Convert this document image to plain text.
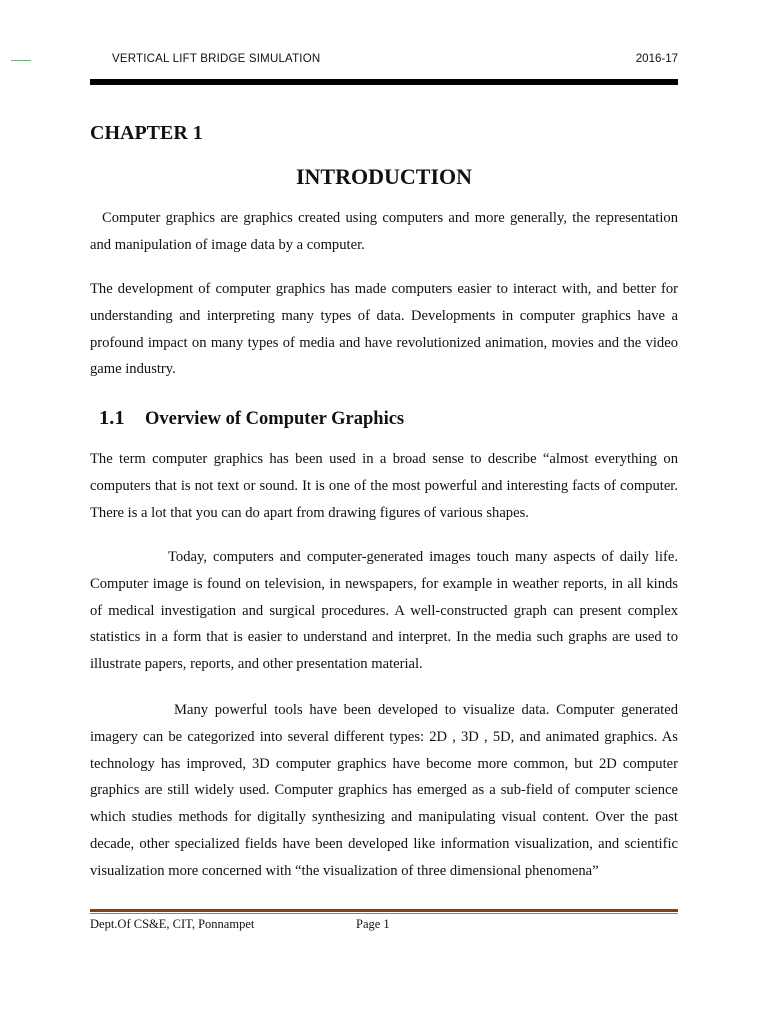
VERTICAL LIFT BRIDGE SIMULATION	2016-17
CHAPTER 1
INTRODUCTION

Computer graphics are graphics created using computers and more generally, the representation and manipulation of image data by a computer.

The development of computer graphics has made computers easier to interact with, and better for understanding and interpreting many types of data. Developments in computer graphics have a profound impact on many types of media and have revolutionized animation, movies and the video game industry.

1.1 Overview of Computer Graphics

The term computer graphics has been used in a broad sense to describe “almost everything on computers that is not text or sound. It is one of the most powerful and interesting facts of computer. There is a lot that you can do apart from drawing figures of various shapes.

Today, computers and computer-generated images touch many aspects of daily life. Computer image is found on television, in newspapers, for example in weather reports, in all kinds of medical investigation and surgical procedures. A well-constructed graph can present complex statistics in a form that is easier to understand and interpret. In the media such graphs are used to illustrate papers, reports, and other presentation material.

Many powerful tools have been developed to visualize data. Computer generated imagery can be categorized into several different types: 2D , 3D , 5D, and animated graphics. As technology has improved, 3D computer graphics have become more common, but 2D computer graphics are still widely used. Computer graphics has emerged as a sub-field of computer science which studies methods for digitally synthesizing and manipulating visual content. Over the past decade, other specialized fields have been developed like information visualization, and scientific visualization more concerned with “the visualization of three dimensional phenomena”

Dept.Of CS&E, CIT, Ponnampet	Page 1
